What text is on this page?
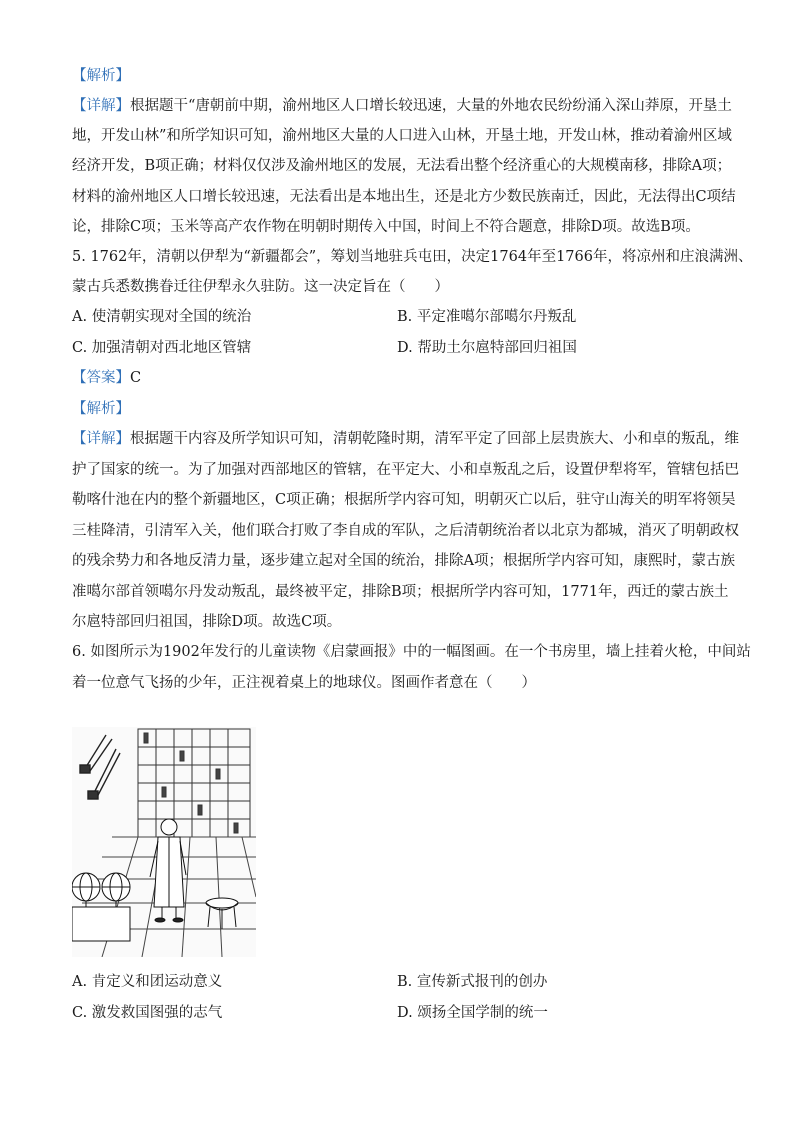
【解析】
【详解】根据题干“唐朝前中期，渝州地区人口增长较迅速，大量的外地农民纷纷涌入深山莽原，开垦土
地，开发山林”和所学知识可知，渝州地区大量的人口进入山林，开垦土地，开发山林，推动着渝州区域
经济开发，B项正确；材料仅仅涉及渝州地区的发展，无法看出整个经济重心的大规模南移，排除A项；
材料的渝州地区人口增长较迅速，无法看出是本地出生，还是北方少数民族南迁，因此，无法得出C项结
论，排除C项；玉米等高产农作物在明朝时期传入中国，时间上不符合题意，排除D项。故选B项。
5. 1762年，清朝以伊犁为“新疆都会”，筹划当地驻兵屯田，决定1764年至1766年，将凉州和庄浪满洲、
蒙古兵悉数携眷迁往伊犁永久驻防。这一决定旨在（　　）
A. 使清朝实现对全国的统治	B. 平定准噶尔部噶尔丹叛乱
C. 加强清朝对西北地区管辖	D. 帮助土尔扈特部回归祖国
【答案】C
【解析】
【详解】根据题干内容及所学知识可知，清朝乾隆时期，清军平定了回部上层贵族大、小和卓的叛乱，维
护了国家的统一。为了加强对西部地区的管辖，在平定大、小和卓叛乱之后，设置伊犁将军，管辖包括巴
勒喀什池在内的整个新疆地区，C项正确；根据所学内容可知，明朝灭亡以后，驻守山海关的明军将领吴
三桂降清，引清军入关，他们联合打败了李自成的军队，之后清朝统治者以北京为都城，消灭了明朝政权
的残余势力和各地反清力量，逐步建立起对全国的统治，排除A项；根据所学内容可知，康熙时，蒙古族
准噶尔部首领噶尔丹发动叛乱，最终被平定，排除B项；根据所学内容可知，1771年，西迁的蒙古族土
尔扈特部回归祖国，排除D项。故选C项。
6. 如图所示为1902年发行的儿童读物《启蒙画报》中的一幅图画。在一个书房里，墙上挂着火枪，中间站
着一位意气飞扬的少年，正注视着桌上的地球仪。图画作者意在（　　）
A. 肯定义和团运动意义	B. 宣传新式报刊的创办
C. 激发救国图强的志气	D. 颂扬全国学制的统一
